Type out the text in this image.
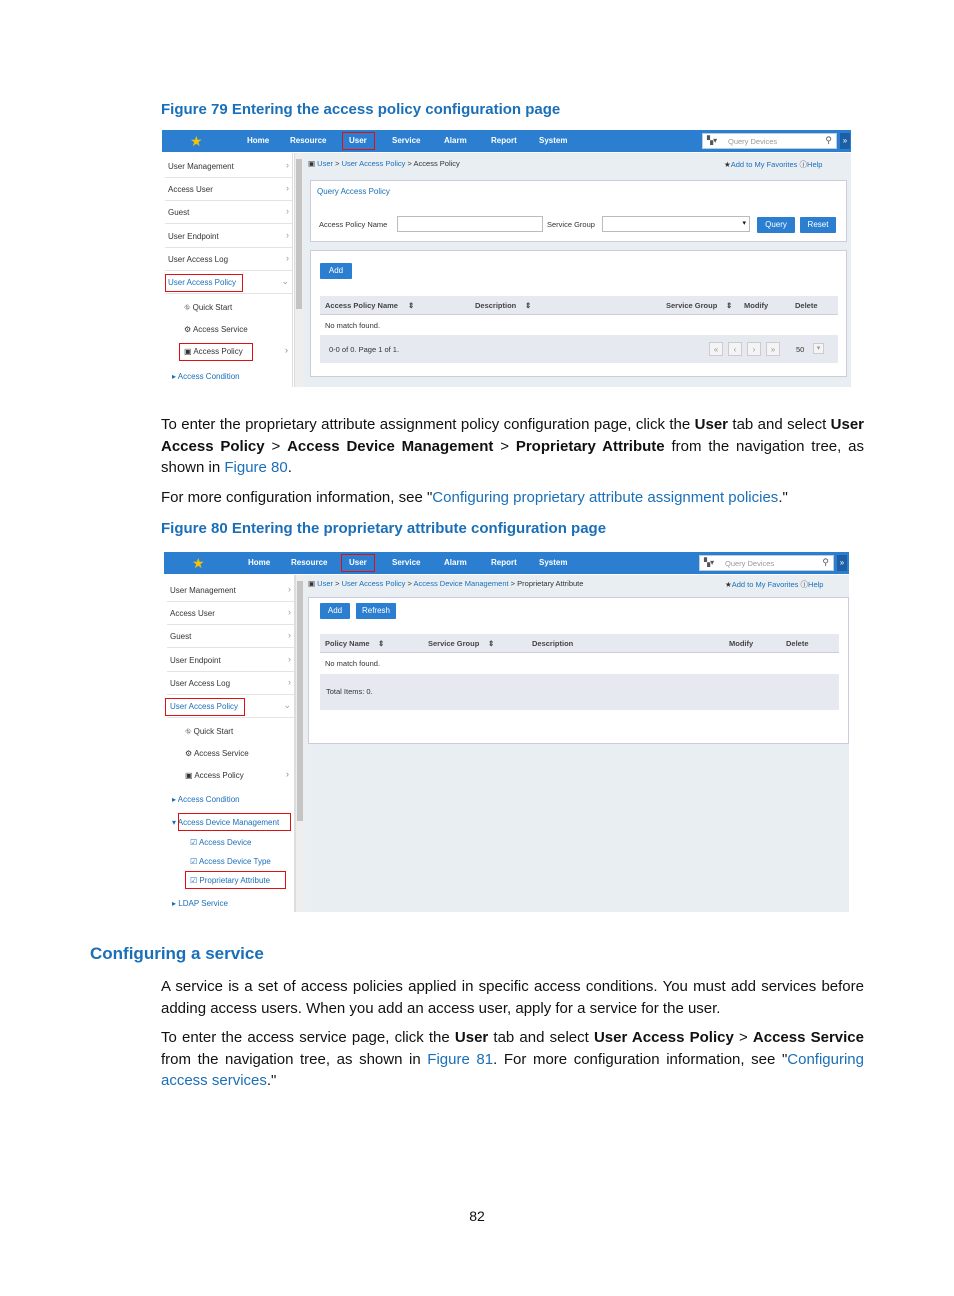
Figure 79 Entering the access policy configuration page
★	Home	Resource	User	Service	Alarm	Report	System	▚▾ Query Devices	⚲	»
User Management	›
Access User	›
Guest	›
User Endpoint	›
User Access Log	›
User Access Policy	⌄
⛗ Quick Start
⚙ Access Service
▣ Access Policy	›
▸ Access Condition
▣ User > User Access Policy > Access Policy	★Add to My Favorites ⓘHelp
Query Access Policy
Access Policy Name	Service Group	▾	Query	Reset
Add
Access Policy Name ⇕	Description ⇕	Service Group ⇕ Modify	Delete
No match found.
0-0 of 0. Page 1 of 1.	«	‹	›	»	50	▾
To enter the proprietary attribute assignment policy configuration page, click the User tab and select User Access Policy > Access Device Management > Proprietary Attribute from the navigation tree, as shown in Figure 80.
For more configuration information, see "Configuring proprietary attribute assignment policies."
Figure 80 Entering the proprietary attribute configuration page
★	Home	Resource	User	Service	Alarm	Report	System	▚▾ Query Devices	⚲	»
User Management	›
Access User	›
Guest	›
User Endpoint	›
User Access Log	›
User Access Policy	⌄
⛗ Quick Start
⚙ Access Service
▣ Access Policy	›
▸ Access Condition
▾ Access Device Management
☑ Access Device
☑ Access Device Type
☑ Proprietary Attribute
▸ LDAP Service
▣ User > User Access Policy > Access Device Management > Proprietary Attribute	★Add to My Favorites ⓘHelp
Add	Refresh
Policy Name ⇕	Service Group ⇕	Description	Modify	Delete
No match found.
Total Items: 0.
Configuring a service
A service is a set of access policies applied in specific access conditions. You must add services before adding access users. When you add an access user, apply for a service for the user.
To enter the access service page, click the User tab and select User Access Policy > Access Service from the navigation tree, as shown in Figure 81. For more configuration information, see "Configuring access services."
82
